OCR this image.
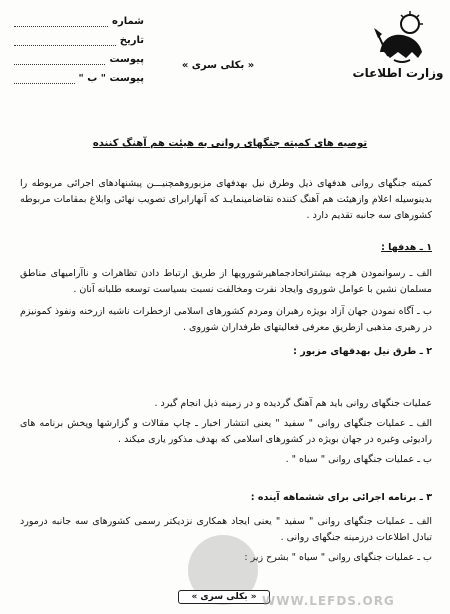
شماره
تاریخ
پیوست
پیوست " ب "
« بکلی سری »
وزارت اطلاعات
توصیه های کمیته جنگهای روانی به هیئت هم آهنگ کننده

کمیته جنگهای روانی هدفهای ذیل وطرق نیل بهدفهای مزبوروهمچنیـــن پیشنهادهای اجرائی مربوطه را بدینوسیله اعلام وازهیئت هم آهنگ کننده تقاضامینمایـد که آنهارابرای تصویب نهائی وابلاغ بمقامات مربوطه کشورهای سه جانبه تقدیم دارد .

۱ ـ هدفها :

الف ـ رسوانمودن هرچه بیشتراتحادجماهیرشورویها از طریق ارتباط دادن تظاهرات و ناآرامیهای مناطق مسلمان نشین با عوامل شوروی وایجاد نفرت ومخالفت نسبت بسیاست توسعه طلبانه آنان .

ب ـ آگاه نمودن جهان آزاد بویژه رهبران ومردم کشورهای اسلامی ازخطرات ناشیه ازرخنه ونفوذ کمونیزم در رهبری مذهبی ازطریق معرفی فعالیتهای طرفداران شوروی .

۲ ـ طرق نیل بهدفهای مزبور :

عملیات جنگهای روانی باید هم آهنگ گردیده و در زمینه ذیل انجام گیرد .

الف ـ عملیات جنگهای روانی " سفید " یعنی انتشار اخبار ـ چاپ مقالات و گزارشها وپخش برنامه های رادیوئی وغیره در جهان بویژه در کشورهای اسلامی که بهدف مذکور یاری میکند .

ب ـ عملیات جنگهای روانی " سیاه " .

۳ ـ برنامه اجرائی برای ششماهه آینده :

الف ـ عملیات جنگهای روانی " سفید " یعنی ایجاد همکاری نزدیکتر رسمی کشورهای سه جانبه درمورد تبادل اطلاعات درزمینه جنگهای روانی .

ب ـ عملیات جنگهای روانی " سیاه " بشرح زیر :

« بکلی سری » WWW.LEFDS.ORG
